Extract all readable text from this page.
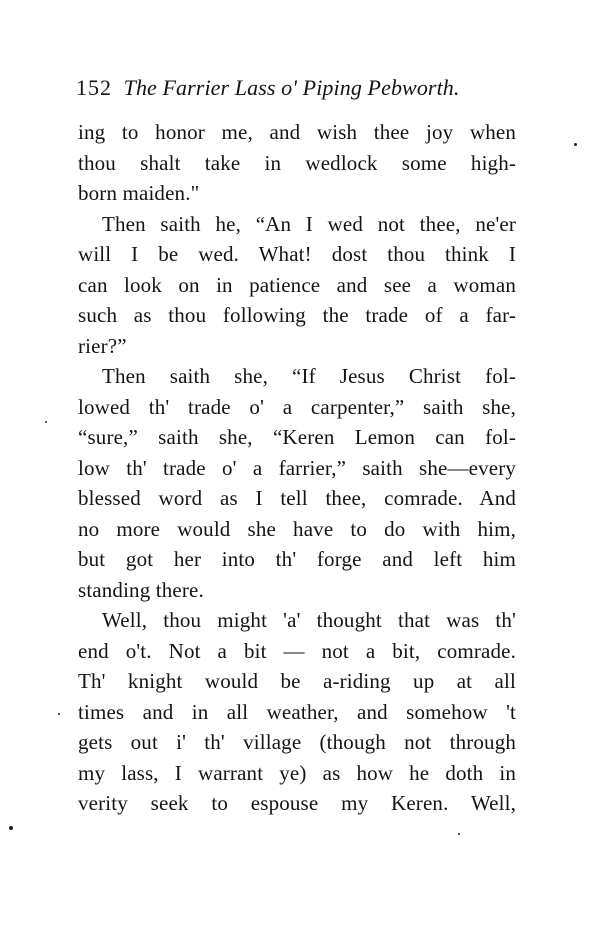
152 The Farrier Lass o' Piping Pebworth.
ing to honor me, and wish thee joy when
thou shalt take in wedlock some high-
born maiden."
Then saith he, “An I wed not thee, ne'er
will I be wed. What! dost thou think I
can look on in patience and see a woman
such as thou following the trade of a far-
rier?”
Then saith she, “If Jesus Christ fol-
lowed th' trade o' a carpenter,” saith she,
“sure,” saith she, “Keren Lemon can fol-
low th' trade o' a farrier,” saith she—every
blessed word as I tell thee, comrade. And
no more would she have to do with him,
but got her into th' forge and left him
standing there.
Well, thou might 'a' thought that was th'
end o't. Not a bit — not a bit, comrade.
Th' knight would be a-riding up at all
times and in all weather, and somehow 't
gets out i' th' village (though not through
my lass, I warrant ye) as how he doth in
verity seek to espouse my Keren. Well,
